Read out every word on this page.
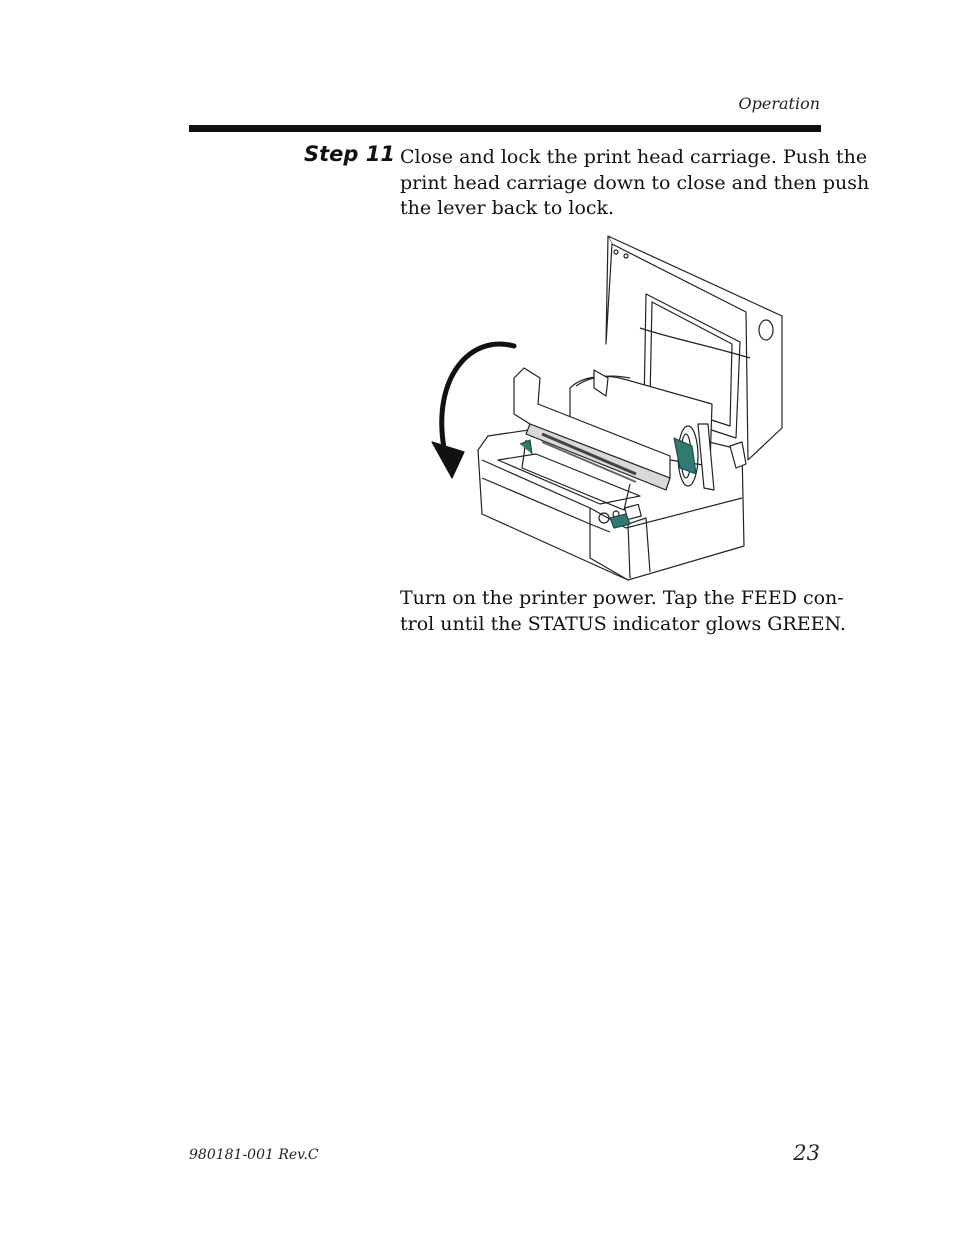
Operation
Step 11 Close and lock the print head carriage. Push the
print head carriage down to close and then push
the lever back to lock.

Turn on the printer power. Tap the FEED con-
trol until the STATUS indicator glows GREEN.

980181-001 Rev.C	23
